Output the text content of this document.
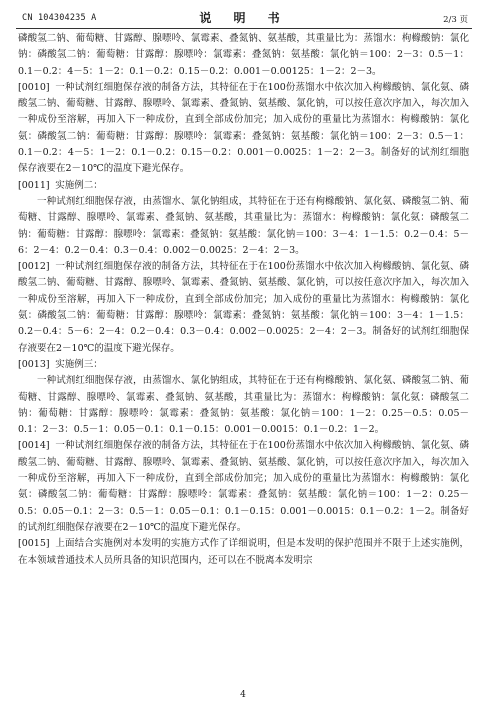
CN 104304235 A	说 明 书	2/3 页

磷酸氢二钠、葡萄糖、甘露醇、腺嘌呤、氯霉素、叠氮钠、氨基酸，其重量比为：蒸馏水：枸橼酸钠：氯化钠：磷酸氢二钠：葡萄糖：甘露醇：腺嘌呤：氯霉素：叠氮钠：氨基酸：氯化钠＝100：2－3：0.5－1：0.1－0.2：4－5：1－2：0.1－0.2：0.15－0.2：0.001－0.00125：1－2：2－3。

[0010] 一种试剂红细胞保存液的制备方法，其特征在于在100份蒸馏水中依次加入枸橼酸钠、氯化氨、磷酸氢二钠、葡萄糖、甘露醇、腺嘌呤、氯霉素、叠氮钠、氨基酸、氯化钠，可以按任意次序加入，每次加入一种成份至溶解，再加入下一种成份，直到全部成份加完；加入成份的重量比为蒸馏水：枸橼酸钠：氯化氨：磷酸氢二钠：葡萄糖：甘露醇：腺嘌呤：氯霉素：叠氮钠：氨基酸：氯化钠＝100：2－3：0.5－1：0.1－0.2：4－5：1－2：0.1－0.2：0.15－0.2：0.001－0.0025：1－2：2－3。制备好的试剂红细胞保存液要在2－10℃的温度下避光保存。

[0011] 实施例二：

一种试剂红细胞保存液，由蒸馏水、氯化钠组成，其特征在于还有枸橼酸钠、氯化氨、磷酸氢二钠、葡萄糖、甘露醇、腺嘌呤、氯霉素、叠氮钠、氨基酸，其重量比为：蒸馏水：枸橼酸钠：氯化氨：磷酸氢二钠：葡萄糖：甘露醇：腺嘌呤：氯霉素：叠氮钠：氨基酸：氯化钠＝100：3－4：1－1.5：0.2－0.4：5－6：2－4：0.2－0.4：0.3－0.4：0.002－0.0025：2－4：2－3。

[0012] 一种试剂红细胞保存液的制备方法，其特征在于在100份蒸馏水中依次加入枸橼酸钠、氯化氨、磷酸氢二钠、葡萄糖、甘露醇、腺嘌呤、氯霉素、叠氮钠、氨基酸、氯化钠，可以按任意次序加入，每次加入一种成份至溶解，再加入下一种成份，直到全部成份加完；加入成份的重量比为蒸馏水：枸橼酸钠：氯化氨：磷酸氢二钠：葡萄糖：甘露醇：腺嘌呤：氯霉素：叠氮钠：氨基酸：氯化钠＝100：3－4：1－1.5：0.2－0.4：5－6：2－4：0.2－0.4：0.3－0.4：0.002－0.0025：2－4：2－3。制备好的试剂红细胞保存液要在2－10℃的温度下避光保存。

[0013] 实施例三：

一种试剂红细胞保存液，由蒸馏水、氯化钠组成，其特征在于还有枸橼酸钠、氯化氨、磷酸氢二钠、葡萄糖、甘露醇、腺嘌呤、氯霉素、叠氮钠、氨基酸，其重量比为：蒸馏水：枸橼酸钠：氯化氨：磷酸氢二钠：葡萄糖：甘露醇：腺嘌呤：氯霉素：叠氮钠：氨基酸：氯化钠＝100：1－2：0.25－0.5：0.05－0.1：2－3：0.5－1：0.05－0.1：0.1－0.15：0.001－0.0015：0.1－0.2：1－2。

[0014] 一种试剂红细胞保存液的制备方法，其特征在于在100份蒸馏水中依次加入枸橼酸钠、氯化氨、磷酸氢二钠、葡萄糖、甘露醇、腺嘌呤、氯霉素、叠氮钠、氨基酸、氯化钠，可以按任意次序加入，每次加入一种成份至溶解，再加入下一种成份，直到全部成份加完；加入成份的重量比为蒸馏水：枸橼酸钠：氯化氨：磷酸氢二钠：葡萄糖：甘露醇：腺嘌呤：氯霉素：叠氮钠：氨基酸：氯化钠＝100：1－2：0.25－0.5：0.05－0.1：2－3：0.5－1：0.05－0.1：0.1－0.15：0.001－0.0015：0.1－0.2：1－2。制备好的试剂红细胞保存液要在2－10℃的温度下避光保存。

[0015] 上面结合实施例对本发明的实施方式作了详细说明，但是本发明的保护范围并不限于上述实施例，在本领域普通技术人员所具备的知识范围内，还可以在不脱离本发明宗

4
